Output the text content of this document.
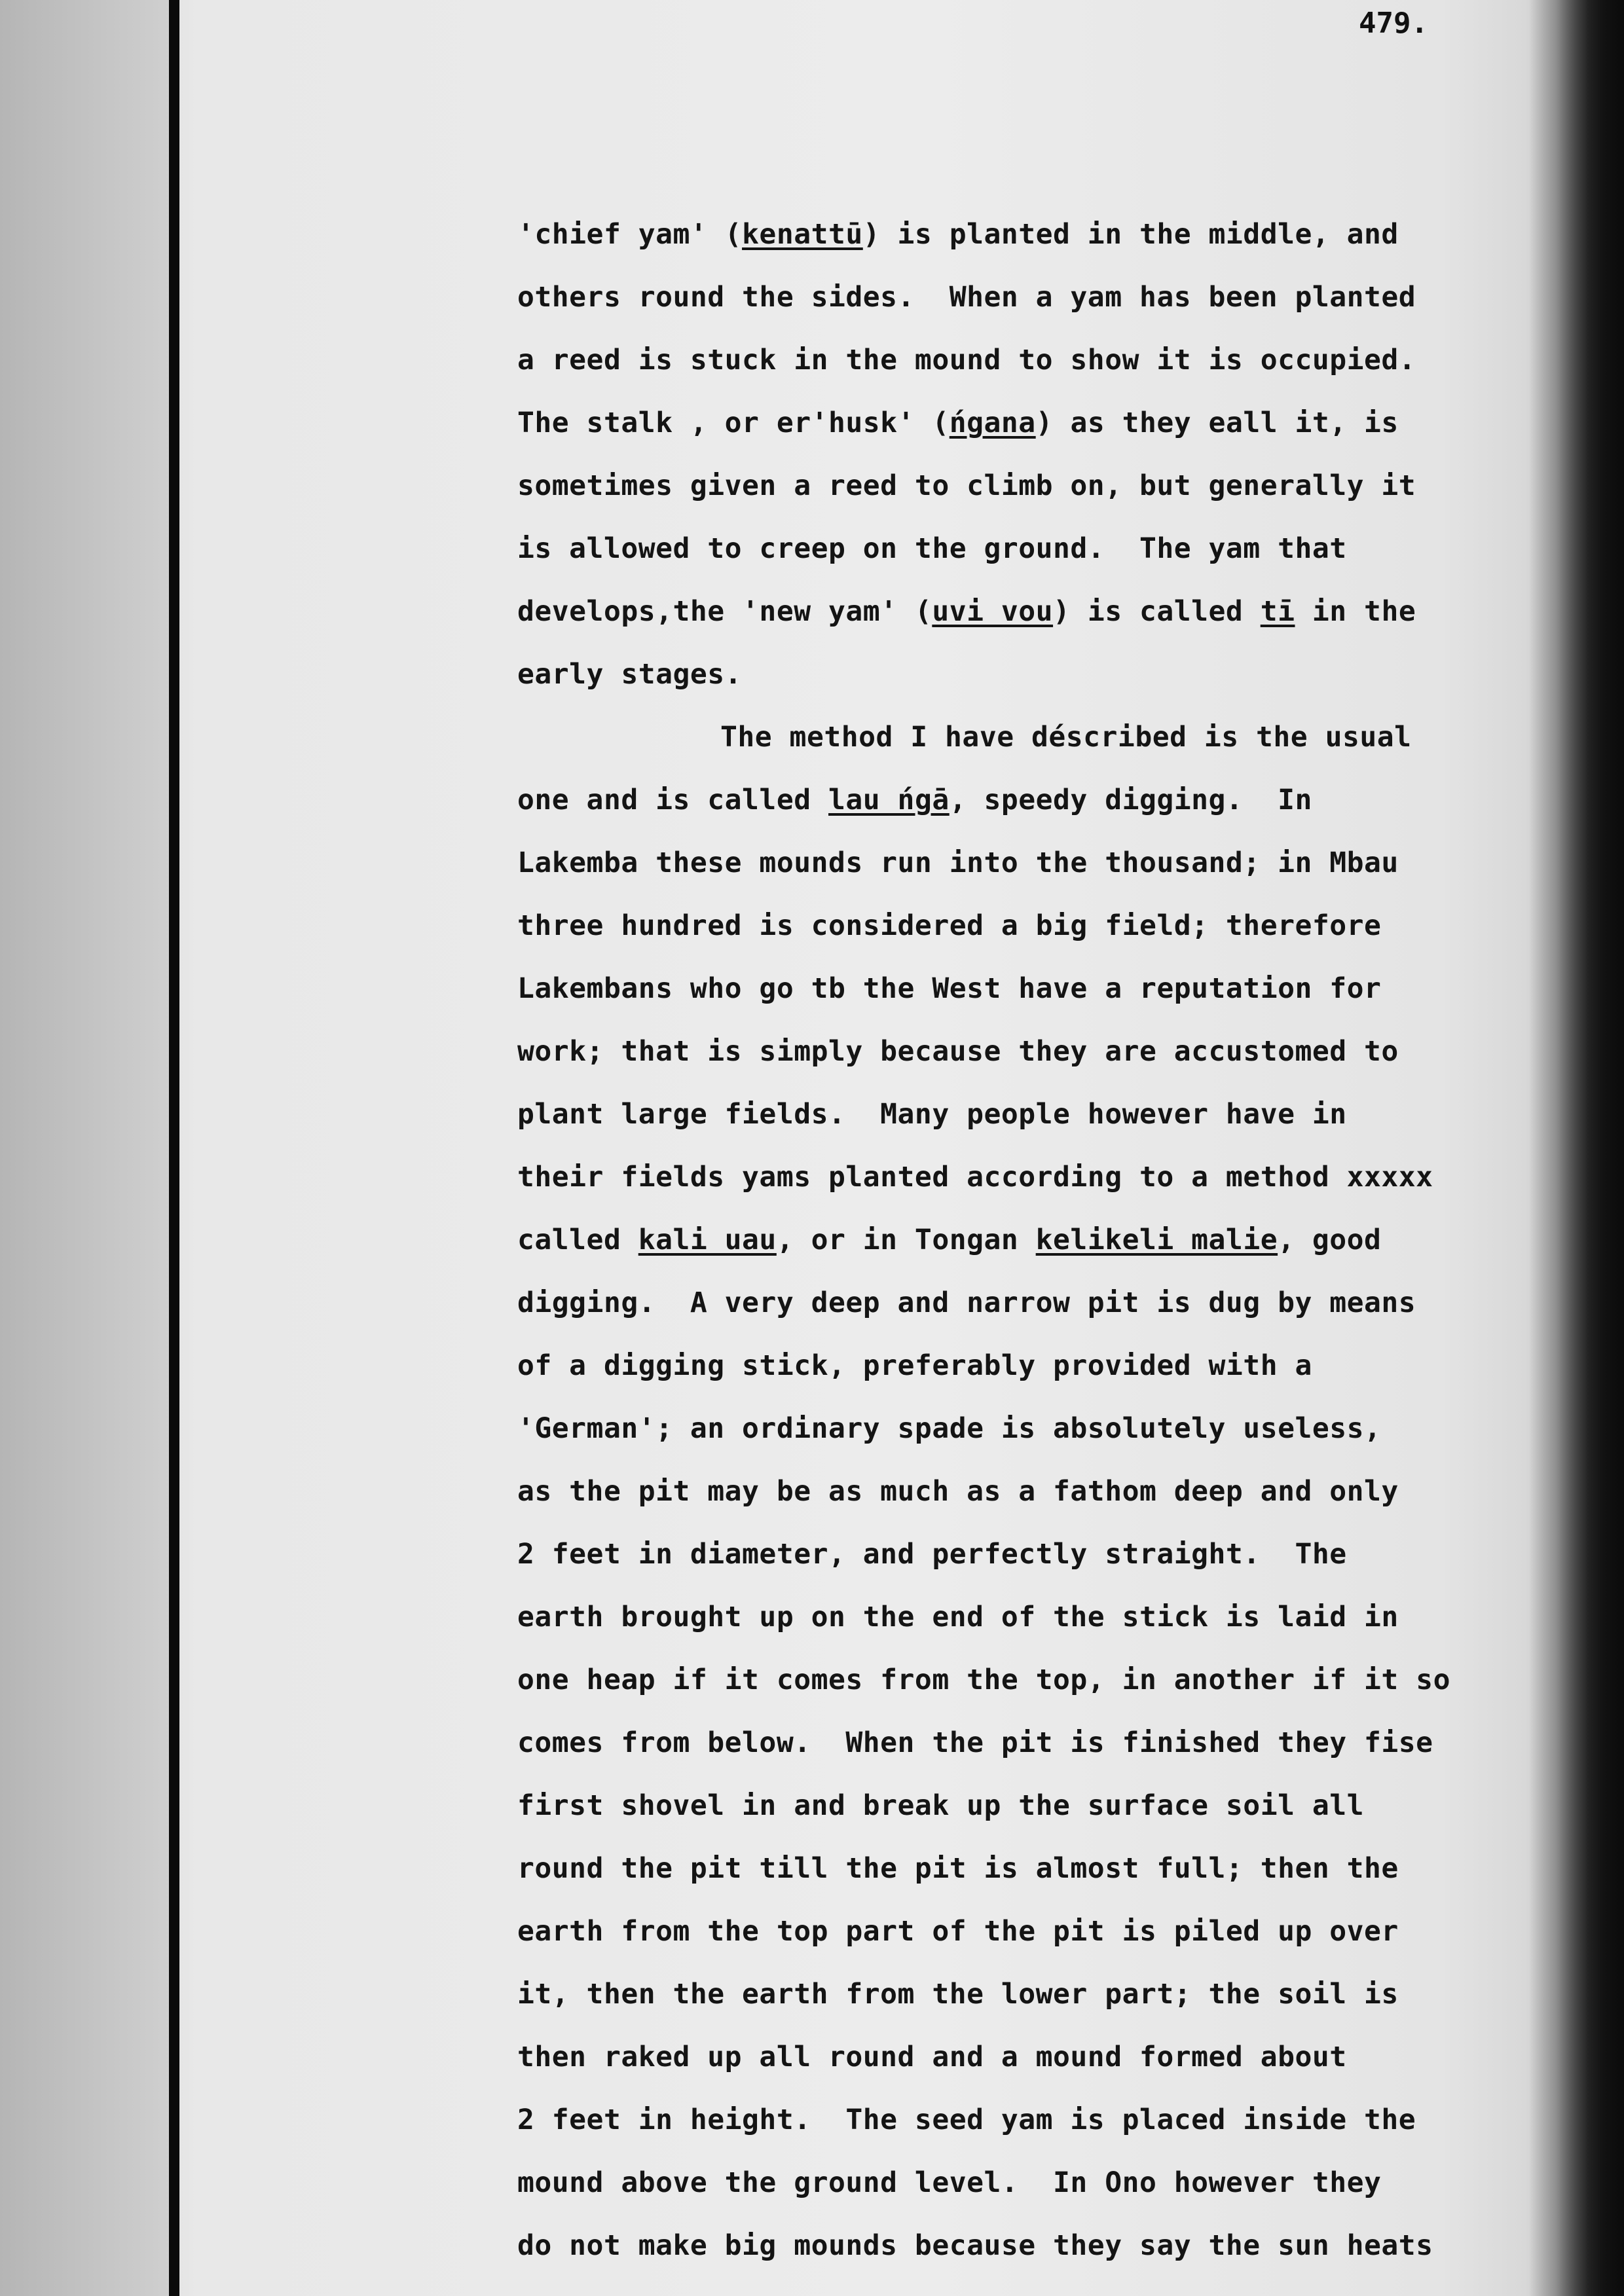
479.
'chief yam' (kenattū) is planted in the middle, and
others round the sides.  When a yam has been planted
a reed is stuck in the mound to show it is occupied.
The stalk , or er'husk' (ńgana) as they eall it, is
sometimes given a reed to climb on, but generally it
is allowed to creep on the ground.  The yam that
develops,the 'new yam' (uvi vou) is called tī in the
early stages.
The method I have déscribed is the usual
one and is called lau ńgā, speedy digging.  In
Lakemba these mounds run into the thousand; in Mbau
three hundred is considered a big field; therefore
Lakembans who go tb the West have a reputation for
work; that is simply because they are accustomed to
plant large fields.  Many people however have in
their fields yams planted according to a method xxxxx
called kali uau, or in Tongan kelikeli malie, good
digging.  A very deep and narrow pit is dug by means
of a digging stick, preferably provided with a
'German'; an ordinary spade is absolutely useless,
as the pit may be as much as a fathom deep and only
2 feet in diameter, and perfectly straight.  The
earth brought up on the end of the stick is laid in
one heap if it comes from the top, in another if it so
comes from below.  When the pit is finished they fise
first shovel in and break up the surface soil all
round the pit till the pit is almost full; then the
earth from the top part of the pit is piled up over
it, then the earth from the lower part; the soil is
then raked up all round and a mound formed about
2 feet in height.  The seed yam is placed inside the
mound above the ground level.  In Ono however they
do not make big mounds because they say the sun heats
